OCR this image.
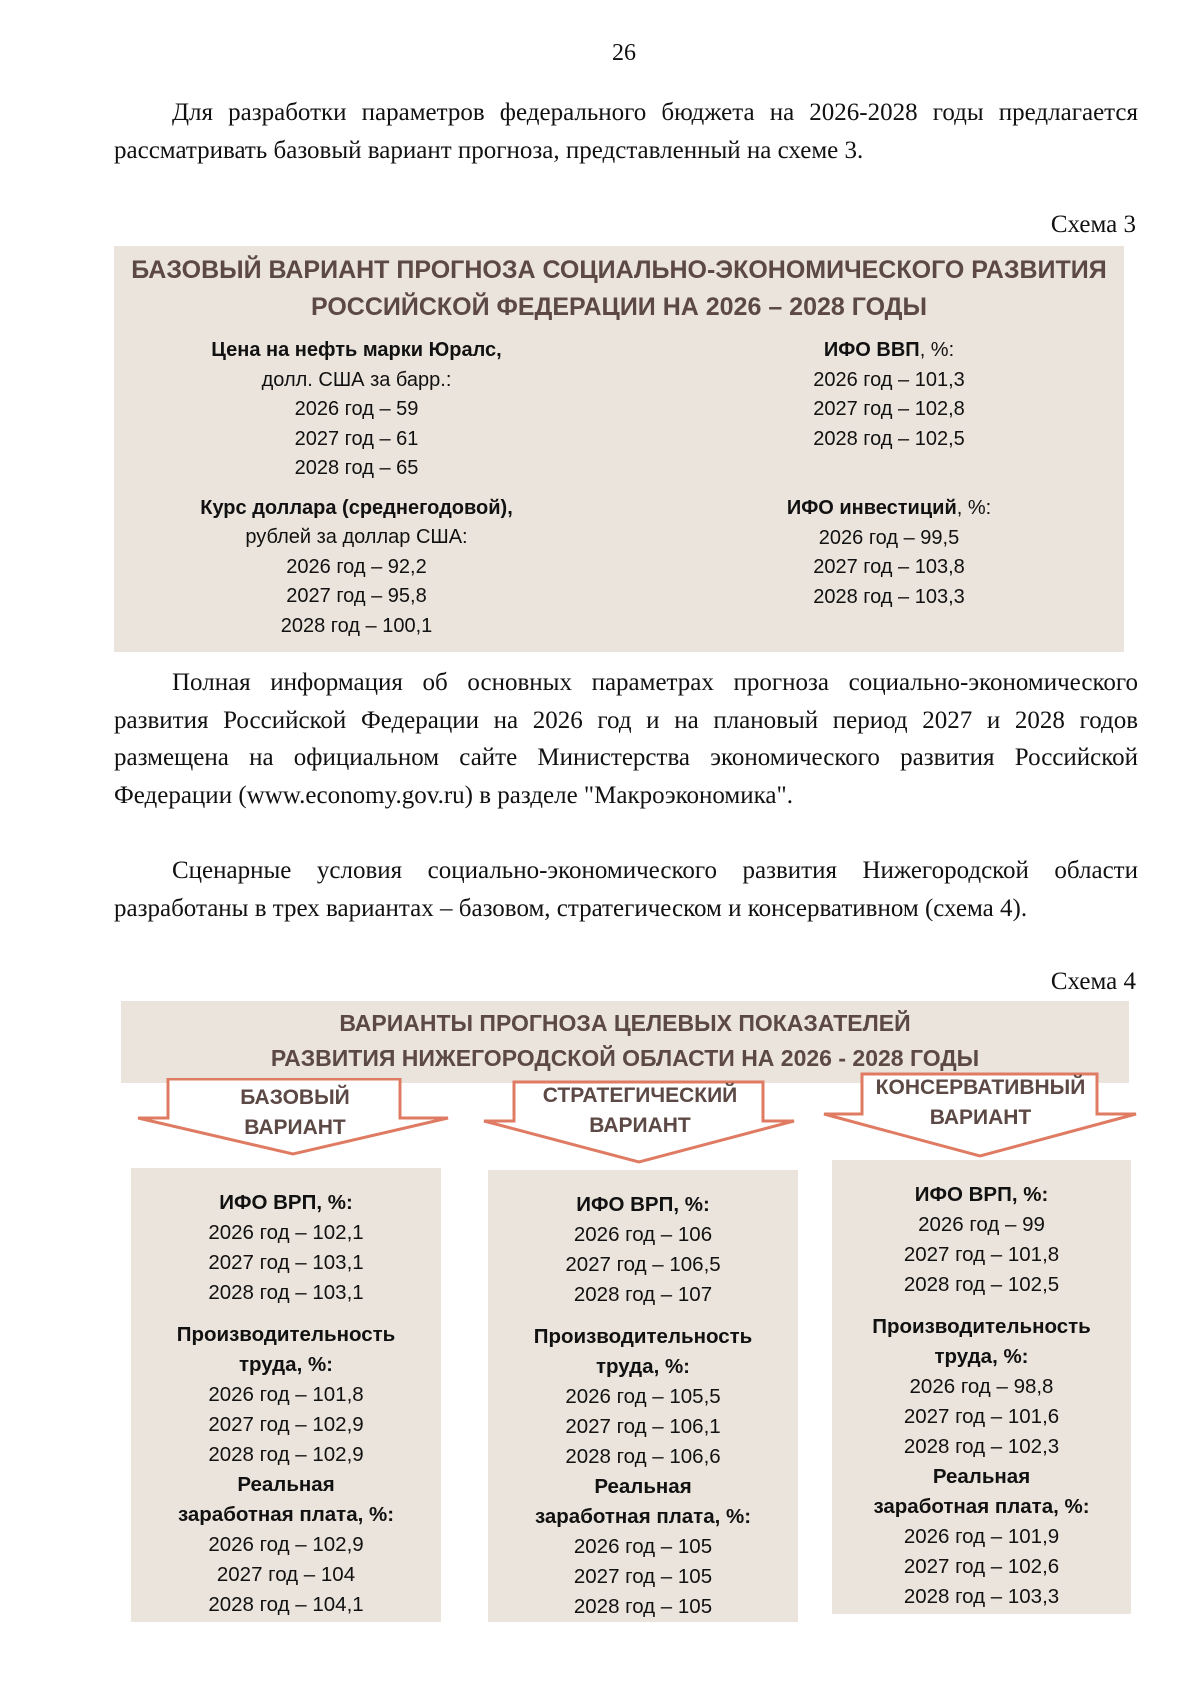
26

Для разработки параметров федерального бюджета на 2026-2028 годы предлагается рассматривать базовый вариант прогноза, представленный на схеме 3.

Схема 3
БАЗОВЫЙ ВАРИАНТ ПРОГНОЗА СОЦИАЛЬНО-ЭКОНОМИЧЕСКОГО РАЗВИТИЯ
РОССИЙСКОЙ ФЕДЕРАЦИИ НА 2026 – 2028 ГОДЫ
Цена на нефть марки Юралс,
долл. США за барр.:
2026 год – 59
2027 год – 61
2028 год – 65
Курс доллара (среднегодовой),
рублей за доллар США:
2026 год – 92,2
2027 год – 95,8
2028 год – 100,1
ИФО ВВП, %:
2026 год – 101,3
2027 год – 102,8
2028 год – 102,5
ИФО инвестиций, %:
2026 год – 99,5
2027 год – 103,8
2028 год – 103,3

Полная информация об основных параметрах прогноза социально-экономического развития Российской Федерации на 2026 год и на плановый период 2027 и 2028 годов размещена на официальном сайте Министерства экономического развития Российской Федерации (www.economy.gov.ru) в разделе "Макроэкономика".

Сценарные условия социально-экономического развития Нижегородской области разработаны в трех вариантах – базовом, стратегическом и консервативном (схема 4).

Схема 4
ВАРИАНТЫ ПРОГНОЗА ЦЕЛЕВЫХ ПОКАЗАТЕЛЕЙ
РАЗВИТИЯ НИЖЕГОРОДСКОЙ ОБЛАСТИ НА 2026 - 2028 ГОДЫ
БАЗОВЫЙ
ВАРИАНТ
СТРАТЕГИЧЕСКИЙ
ВАРИАНТ
КОНСЕРВАТИВНЫЙ
ВАРИАНТ
ИФО ВРП, %:
2026 год – 102,1
2027 год – 103,1
2028 год – 103,1
Производительность
труда, %:
2026 год – 101,8
2027 год – 102,9
2028 год – 102,9
Реальная
заработная плата, %:
2026 год – 102,9
2027 год – 104
2028 год – 104,1
ИФО ВРП, %:
2026 год – 106
2027 год – 106,5
2028 год – 107
Производительность
труда, %:
2026 год – 105,5
2027 год – 106,1
2028 год – 106,6
Реальная
заработная плата, %:
2026 год – 105
2027 год – 105
2028 год – 105
ИФО ВРП, %:
2026 год – 99
2027 год – 101,8
2028 год – 102,5
Производительность
труда, %:
2026 год – 98,8
2027 год – 101,6
2028 год – 102,3
Реальная
заработная плата, %:
2026 год – 101,9
2027 год – 102,6
2028 год – 103,3
